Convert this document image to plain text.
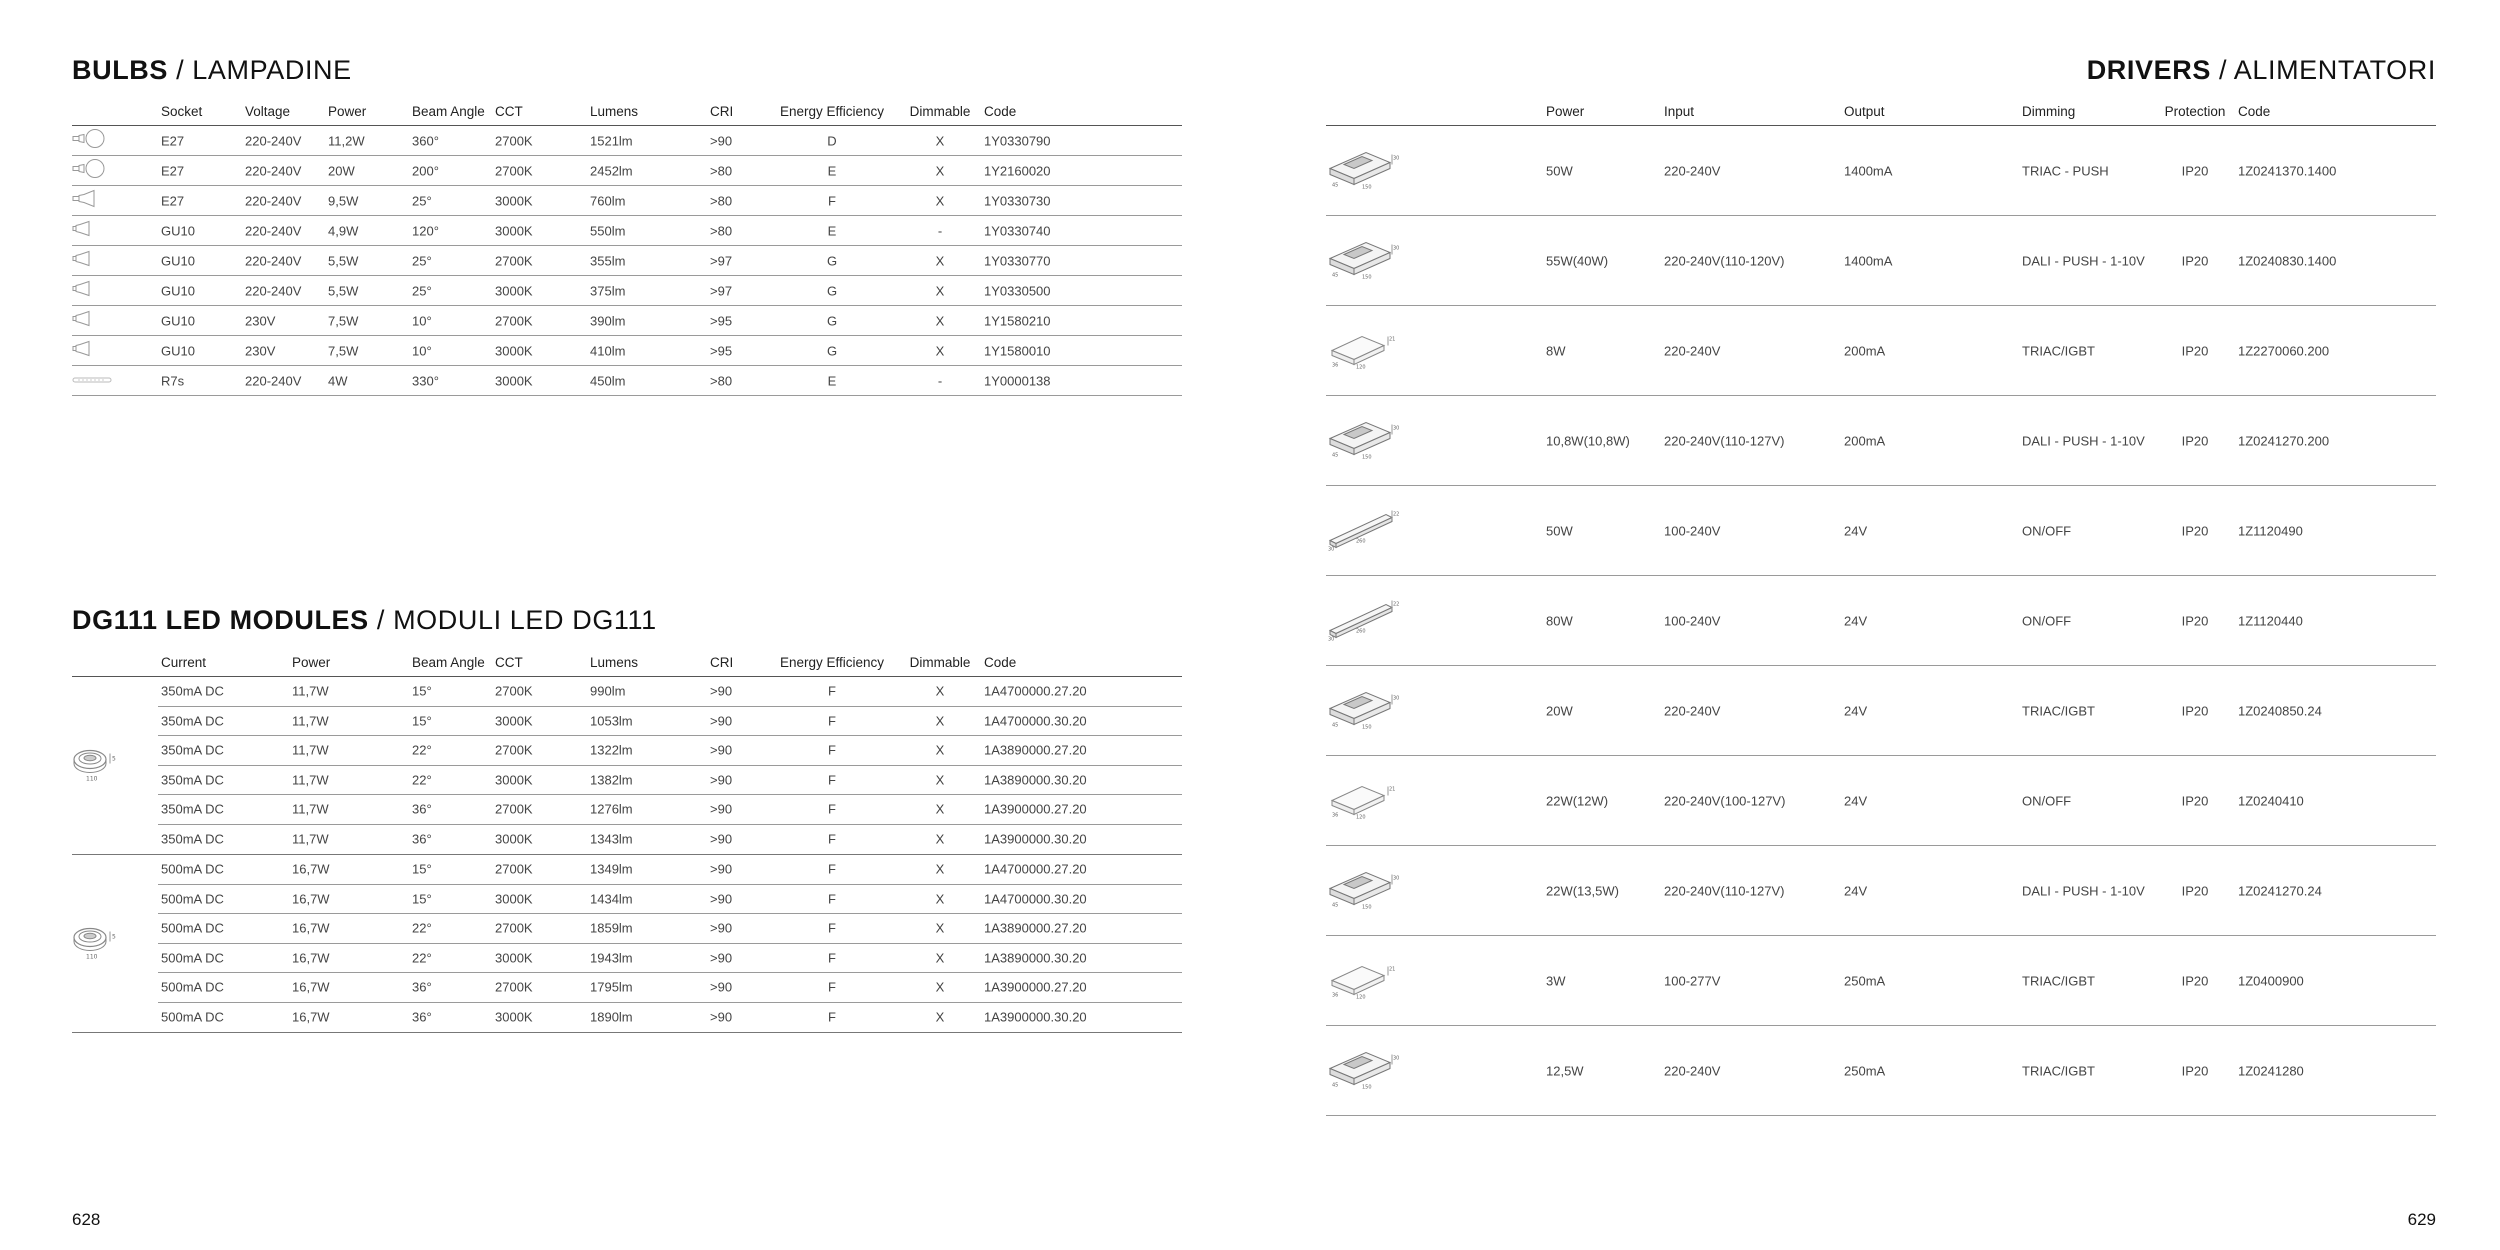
BULBS / LAMPADINE
Socket	Voltage	Power	Beam Angle CCT	Lumens	CRI	Energy Efficiency Dimmable Code
E27	220-240V 11,2W	360°	2700K	1521lm	>90	D	X	1Y0330790
E27	220-240V 20W	200°	2700K	2452lm	>80	E	X	1Y2160020
E27	220-240V 9,5W	25°	3000K	760lm	>80	F	X	1Y0330730
GU10	220-240V 4,9W	120°	3000K	550lm	>80	E	-	1Y0330740
GU10	220-240V 5,5W	25°	2700K	355lm	>97	G	X	1Y0330770
GU10	220-240V 5,5W	25°	3000K	375lm	>97	G	X	1Y0330500
GU10	230V	7,5W	10°	2700K	390lm	>95	G	X	1Y1580210
GU10	230V	7,5W	10°	3000K	410lm	>95	G	X	1Y1580010
R7s	220-240V 4W	330°	3000K	450lm	>80	E	-	1Y0000138
DG111 LED MODULES / MODULI LED DG111
Current	Power	Beam Angle CCT	Lumens	CRI	Energy Efficiency Dimmable Code
5
110
350mA DC	11,7W	15°	2700K	990lm	>90	F	X	1A4700000.27.20
350mA DC	11,7W	15°	3000K	1053lm	>90	F	X	1A4700000.30.20
350mA DC	11,7W	22°	2700K	1322lm	>90	F	X	1A3890000.27.20
350mA DC	11,7W	22°	3000K	1382lm	>90	F	X	1A3890000.30.20
350mA DC	11,7W	36°	2700K	1276lm	>90	F	X	1A3900000.27.20
350mA DC	11,7W	36°	3000K	1343lm	>90	F	X	1A3900000.30.20
5
110
500mA DC	16,7W	15°	2700K	1349lm	>90	F	X	1A4700000.27.20
500mA DC	16,7W	15°	3000K	1434lm	>90	F	X	1A4700000.30.20
500mA DC	16,7W	22°	2700K	1859lm	>90	F	X	1A3890000.27.20
500mA DC	16,7W	22°	3000K	1943lm	>90	F	X	1A3890000.30.20
500mA DC	16,7W	36°	2700K	1795lm	>90	F	X	1A3900000.27.20
500mA DC	16,7W	36°	3000K	1890lm	>90	F	X	1A3900000.30.20
628
DRIVERS / ALIMENTATORI
Power	Input	Output	Dimming	Protection Code
30
45	150
50W	220-240V	1400mA	TRIAC - PUSH	IP20 1Z0241370.1400
30
45	150
55W(40W)	220-240V(110-120V)	1400mA	DALI - PUSH - 1-10V	IP20 1Z0240830.1400
21
36	120
8W	220-240V	200mA	TRIAC/IGBT	IP20 1Z2270060.200
30
45	150
10,8W(10,8W)	220-240V(110-127V)	200mA	DALI - PUSH - 1-10V	IP20 1Z0241270.200
22
30
260
50W	100-240V	24V	ON/OFF	IP20 1Z1120490
22
30
260
80W	100-240V	24V	ON/OFF	IP20 1Z1120440
30
45	150
20W	220-240V	24V	TRIAC/IGBT	IP20 1Z0240850.24
21
36	120
22W(12W)	220-240V(100-127V)	24V	ON/OFF	IP20 1Z0240410
30
45	150
22W(13,5W)	220-240V(110-127V)	24V	DALI - PUSH - 1-10V	IP20 1Z0241270.24
21
36	120
3W	100-277V	250mA	TRIAC/IGBT	IP20 1Z0400900
30
45	150
12,5W	220-240V	250mA	TRIAC/IGBT	IP20 1Z0241280
629
